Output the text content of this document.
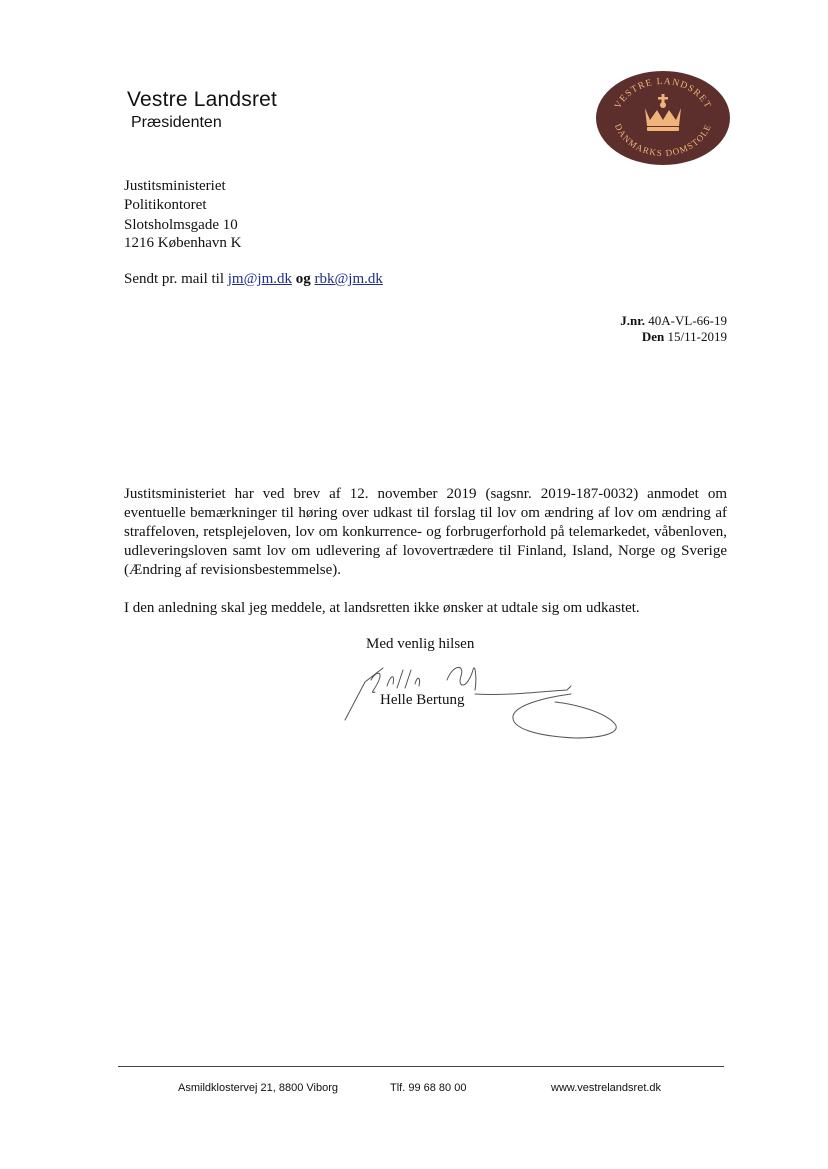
Vestre Landsret
Præsidenten
VESTRE LANDSRET
DANMARKS DOMSTOLE
Justitsministeriet
Politikontoret
Slotsholmsgade 10
1216 København K
Sendt pr. mail til jm@jm.dk og rbk@jm.dk
J.nr. 40A-VL-66-19
Den 15/11-2019
Justitsministeriet har ved brev af 12. november 2019 (sagsnr. 2019-187-0032) anmodet om eventuelle bemærkninger til høring over udkast til forslag til lov om ændring af lov om ændring af straffeloven, retsplejeloven, lov om konkurrence- og forbrugerforhold på telemarkedet, våbenloven, udleveringsloven samt lov om udlevering af lovovertrædere til Finland, Island, Norge og Sverige (Ændring af revisionsbestemmelse).
I den anledning skal jeg meddele, at landsretten ikke ønsker at udtale sig om udkastet.
Med venlig hilsen
Helle Bertung
Asmildklostervej 21, 8800 Viborg	Tlf. 99 68 80 00	www.vestrelandsret.dk
